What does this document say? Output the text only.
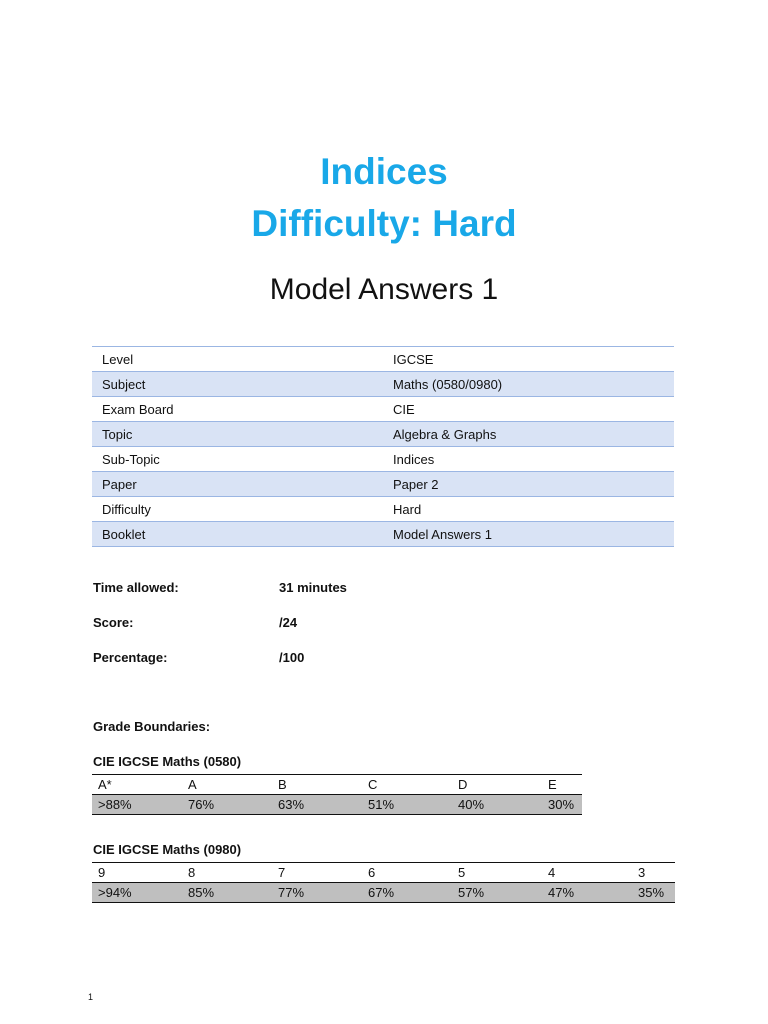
Indices
Difficulty: Hard
Model Answers 1
Level	IGCSE
Subject	Maths (0580/0980)
Exam Board	CIE
Topic	Algebra & Graphs
Sub-Topic	Indices
Paper	Paper 2
Difficulty	Hard
Booklet	Model Answers 1
Time allowed:	31 minutes
Score:	/24
Percentage:	/100
Grade Boundaries:
CIE IGCSE Maths (0580)
A*	A	B	C	D	E
>88%	76%	63%	51%	40%	30%
CIE IGCSE Maths (0980)
9	8	7	6	5	4	3
>94%	85%	77%	67%	57%	47%	35%
1
